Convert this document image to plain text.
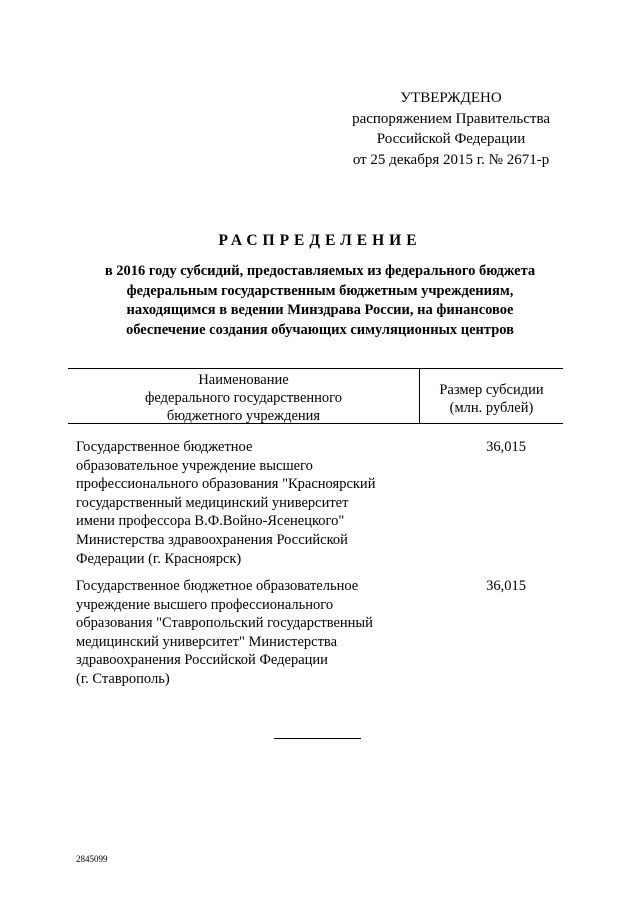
УТВЕРЖДЕНО
распоряжением Правительства
Российской Федерации
от 25 декабря 2015 г. № 2671-р
РАСПРЕДЕЛЕНИЕ
в 2016 году субсидий, предоставляемых из федерального бюджета
федеральным государственным бюджетным учреждениям,
находящимся в ведении Минздрава России, на финансовое
обеспечение создания обучающих симуляционных центров
Наименование
федерального государственного
бюджетного учреждения
Размер субсидии
(млн. рублей)
Государственное бюджетное
образовательное учреждение высшего
профессионального образования "Красноярский
государственный медицинский университет
имени профессора В.Ф.Войно-Ясенецкого"
Министерства здравоохранения Российской
Федерации (г. Красноярск)
36,015
Государственное бюджетное образовательное
учреждение высшего профессионального
образования "Ставропольский государственный
медицинский университет" Министерства
здравоохранения Российской Федерации
(г. Ставрополь)
36,015
2845099
